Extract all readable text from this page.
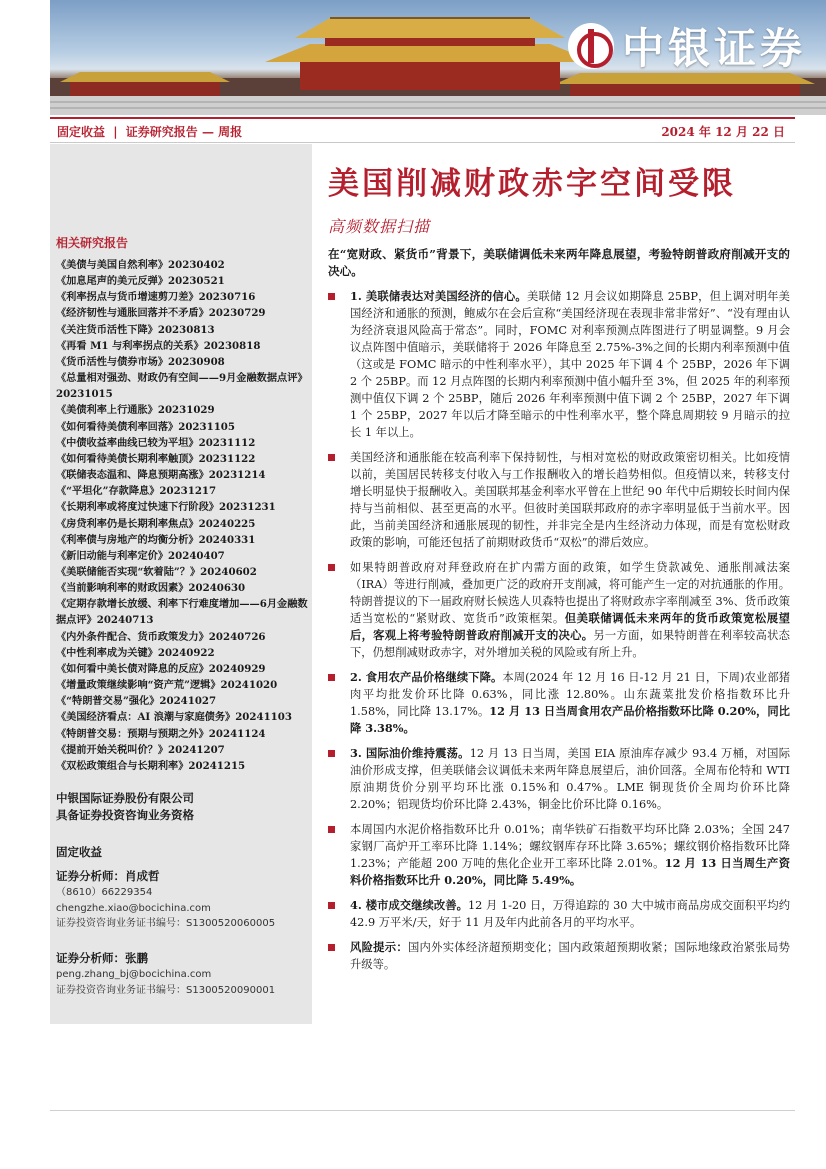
中银证券
固定收益 | 证券研究报告 — 周报	2024 年 12 月 22 日
相关研究报告
《美债与美国自然利率》20230402
《加息尾声的美元反弹》20230521
《利率拐点与货币增速剪刀差》20230716
《经济韧性与通胀回落并不矛盾》20230729
《关注货币活性下降》20230813
《再看 M1 与利率拐点的关系》20230818
《货币活性与债券市场》20230908
《总量相对强劲、财政仍有空间——9月金融数据点评》20231015
《美债利率上行通胀》20231029
《如何看待美债利率回落》20231105
《中债收益率曲线已较为平坦》20231112
《如何看待美债长期利率触顶》20231122
《联储表态温和、降息预期高涨》20231214
《“平坦化”存款降息》20231217
《长期利率或将度过快速下行阶段》20231231
《房贷利率仍是长期利率焦点》20240225
《利率债与房地产的均衡分析》20240331
《新旧动能与利率定价》20240407
《美联储能否实现“软着陆”？》20240602
《当前影响利率的财政因素》20240630
《定期存款增长放缓、利率下行难度增加——6月金融数据点评》20240713
《内外条件配合、货币政策发力》20240726
《中性利率成为关键》20240922
《如何看中美长债对降息的反应》20240929
《增量政策继续影响“资产荒”逻辑》20241020
《“特朗普交易”强化》20241027
《美国经济看点：AI 浪潮与家庭债务》20241103
《特朗普交易：预期与预期之外》20241124
《提前开始关税叫价？》20241207
《双松政策组合与长期利率》20241215
中银国际证券股份有限公司
具备证券投资咨询业务资格
固定收益
证券分析师：肖成哲
（8610）66229354
chengzhe.xiao@bocichina.com
证券投资咨询业务证书编号：S1300520060005
证券分析师：张鹏
peng.zhang_bj@bocichina.com
证券投资咨询业务证书编号：S1300520090001
美国削减财政赤字空间受限
高频数据扫描
在“宽财政、紧货币”背景下，美联储调低未来两年降息展望，考验特朗普政府削减开支的决心。
1. 美联储表达对美国经济的信心。美联储 12 月会议如期降息 25BP，但上调对明年美国经济和通胀的预测，鲍威尔在会后宣称“美国经济现在表现非常非常好”、“没有理由认为经济衰退风险高于常态”。同时，FOMC 对利率预测点阵图进行了明显调整。9 月会议点阵图中值暗示，美联储将于 2026 年降息至 2.75%-3%之间的长期内利率预测中值（这或是 FOMC 暗示的中性利率水平），其中 2025 年下调 4 个 25BP，2026 年下调 2 个 25BP。而 12 月点阵图的长期内利率预测中值小幅升至 3%，但 2025 年的利率预测中值仅下调 2 个 25BP，随后 2026 年利率预测中值下调 2 个 25BP，2027 年下调 1 个 25BP，2027 年以后才降至暗示的中性利率水平，整个降息周期较 9 月暗示的拉长 1 年以上。
美国经济和通胀能在较高利率下保持韧性，与相对宽松的财政政策密切相关。比如疫情以前，美国居民转移支付收入与工作报酬收入的增长趋势相似。但疫情以来，转移支付增长明显快于报酬收入。美国联邦基金利率水平曾在上世纪 90 年代中后期较长时间内保持与当前相似、甚至更高的水平。但彼时美国联邦政府的赤字率明显低于当前水平。因此，当前美国经济和通胀展现的韧性，并非完全是内生经济动力体现，而是有宽松财政政策的影响，可能还包括了前期财政货币“双松”的滞后效应。
如果特朗普政府对拜登政府在扩内需方面的政策，如学生贷款减免、通胀削减法案（IRA）等进行削减，叠加更广泛的政府开支削减，将可能产生一定的对抗通胀的作用。特朗普提议的下一届政府财长候选人贝森特也提出了将财政赤字率削减至 3%、货币政策适当宽松的“紧财政、宽货币”政策框架。但美联储调低未来两年的货币政策宽松展望后，客观上将考验特朗普政府削减开支的决心。另一方面，如果特朗普在利率较高状态下，仍想削减财政赤字，对外增加关税的风险或有所上升。
2. 食用农产品价格继续下降。本周(2024 年 12 月 16 日-12 月 21 日，下周)农业部猪肉平均批发价环比降 0.63%，同比涨 12.80%。山东蔬菜批发价格指数环比升 1.58%，同比降 13.17%。12 月 13 日当周食用农产品价格指数环比降 0.20%，同比降 3.38%。
3. 国际油价维持震荡。12 月 13 日当周，美国 EIA 原油库存减少 93.4 万桶，对国际油价形成支撑，但美联储会议调低未来两年降息展望后，油价回落。全周布伦特和 WTI 原油期货价分别平均环比涨 0.15%和 0.47%。LME 铜现货价全周均价环比降 2.20%；铝现货均价环比降 2.43%，铜金比价环比降 0.16%。
本周国内水泥价格指数环比升 0.01%；南华铁矿石指数平均环比降 2.03%；全国 247 家钢厂高炉开工率环比降 1.14%；螺纹钢库存环比降 3.65%；螺纹钢价格指数环比降 1.23%；产能超 200 万吨的焦化企业开工率环比降 2.01%。12 月 13 日当周生产资料价格指数环比升 0.20%，同比降 5.49%。
4. 楼市成交继续改善。12 月 1-20 日，万得追踪的 30 大中城市商品房成交面积平均约 42.9 万平米/天，好于 11 月及年内此前各月的平均水平。
风险提示：国内外实体经济超预期变化；国内政策超预期收紧；国际地缘政治紧张局势升级等。
